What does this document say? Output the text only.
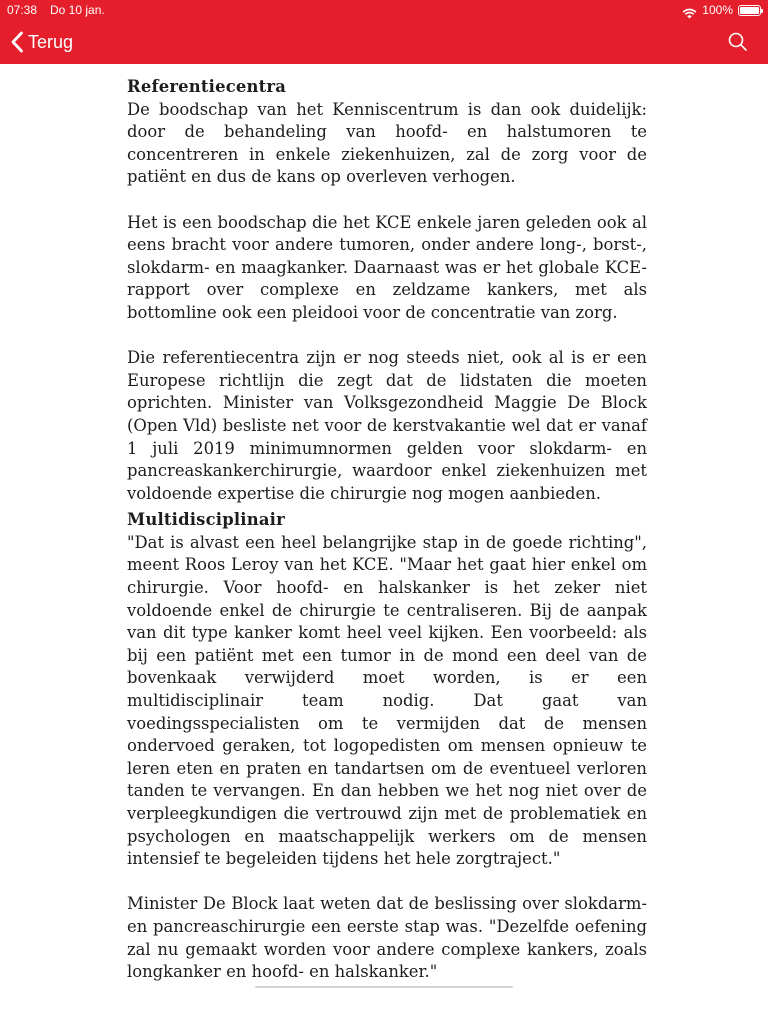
07:38 Do 10 jan.	100%
Terug
Referentiecentra

De boodschap van het Kenniscentrum is dan ook duidelijk: door de behandeling van hoofd- en halstumoren te concentreren in enkele ziekenhuizen, zal de zorg voor de patiënt en dus de kans op overleven verhogen.

Het is een boodschap die het KCE enkele jaren geleden ook al eens bracht voor andere tumoren, onder andere long-, borst-, slokdarm- en maagkanker. Daarnaast was er het globale KCE-rapport over complexe en zeldzame kankers, met als bottomline ook een pleidooi voor de concentratie van zorg.

Die referentiecentra zijn er nog steeds niet, ook al is er een Europese richtlijn die zegt dat de lidstaten die moeten oprichten. Minister van Volksgezondheid Maggie De Block (Open Vld) besliste net voor de kerstvakantie wel dat er vanaf 1 juli 2019 minimumnormen gelden voor slokdarm- en pancreaskankerchirurgie, waardoor enkel ziekenhuizen met voldoende expertise die chirurgie nog mogen aanbieden.

Multidisciplinair

"Dat is alvast een heel belangrijke stap in de goede richting", meent Roos Leroy van het KCE. "Maar het gaat hier enkel om chirurgie. Voor hoofd- en halskanker is het zeker niet voldoende enkel de chirurgie te centraliseren. Bij de aanpak van dit type kanker komt heel veel kijken. Een voorbeeld: als bij een patiënt met een tumor in de mond een deel van de bovenkaak verwijderd moet worden, is er een multidisciplinair team nodig. Dat gaat van voedingsspecialisten om te vermijden dat de mensen ondervoed geraken, tot logopedisten om mensen opnieuw te leren eten en praten en tandartsen om de eventueel verloren tanden te vervangen. En dan hebben we het nog niet over de verpleegkundigen die vertrouwd zijn met de problematiek en psychologen en maatschappelijk werkers om de mensen intensief te begeleiden tijdens het hele zorgtraject."

Minister De Block laat weten dat de beslissing over slokdarm- en pancreaschirurgie een eerste stap was. "Dezelfde oefening zal nu gemaakt worden voor andere complexe kankers, zoals longkanker en hoofd- en halskanker."
